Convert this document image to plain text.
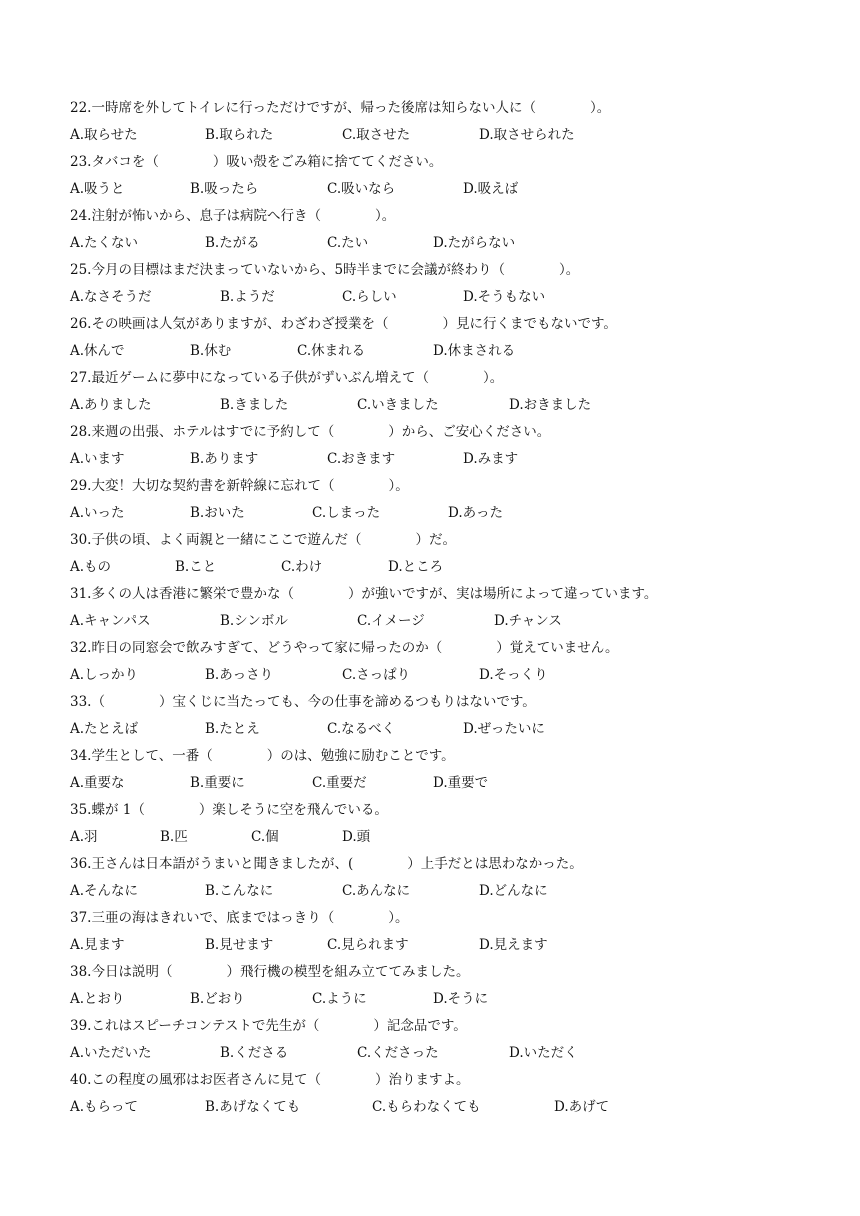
22.一時席を外してトイレに行っただけですが、帰った後席は知らない人に（　　　　）。
A.取らせた	B.取られた	C.取させた	D.取させられた
23.タバコを（　　　　）吸い殻をごみ箱に捨ててください。
A.吸うと	B.吸ったら	C.吸いなら	D.吸えば
24.注射が怖いから、息子は病院へ行き（　　　　）。
A.たくない	B.たがる	C.たい	D.たがらない
25.今月の目標はまだ決まっていないから、5時半までに会議が終わり（　　　　）。
A.なさそうだ	B.ようだ	C.らしい	D.そうもない
26.その映画は人気がありますが、わざわざ授業を（　　　　）見に行くまでもないです。
A.休んで	B.休む	C.休まれる	D.休まされる
27.最近ゲームに夢中になっている子供がずいぶん増えて（　　　　）。
A.ありました	B.きました	C.いきました	D.おきました
28.来週の出張、ホテルはすでに予約して（　　　　）から、ご安心ください。
A.います	B.あります	C.おきます	D.みます
29.大変！大切な契約書を新幹線に忘れて（　　　　）。
A.いった	B.おいた	C.しまった	D.あった
30.子供の頃、よく両親と一緒にここで遊んだ（　　　　）だ。
A.もの	B.こと	C.わけ	D.ところ
31.多くの人は香港に繁栄で豊かな（　　　　）が強いですが、実は場所によって違っています。
A.キャンパス	B.シンボル	C.イメージ	D.チャンス
32.昨日の同窓会で飲みすぎて、どうやって家に帰ったのか（　　　　）覚えていません。
A.しっかり	B.あっさり	C.さっぱり	D.そっくり
33.（　　　　）宝くじに当たっても、今の仕事を諦めるつもりはないです。
A.たとえば	B.たとえ	C.なるべく	D.ぜったいに
34.学生として、一番（　　　　）のは、勉強に励むことです。
A.重要な	B.重要に	C.重要だ	D.重要で
35.蝶が 1（　　　　）楽しそうに空を飛んでいる。
A.羽	B.匹	C.個	D.頭
36.王さんは日本語がうまいと聞きましたが、(　　　　）上手だとは思わなかった。
A.そんなに	B.こんなに	C.あんなに	D.どんなに
37.三亜の海はきれいで、底まではっきり（　　　　）。
A.見ます	B.見せます	C.見られます	D.見えます
38.今日は説明（　　　　）飛行機の模型を組み立ててみました。
A.とおり	B.どおり	C.ように	D.そうに
39.これはスピーチコンテストで先生が（　　　　）記念品です。
A.いただいた	B.くださる	C.くださった	D.いただく
40.この程度の風邪はお医者さんに見て（　　　　）治りますよ。
A.もらって	B.あげなくても	C.もらわなくても	D.あげて
